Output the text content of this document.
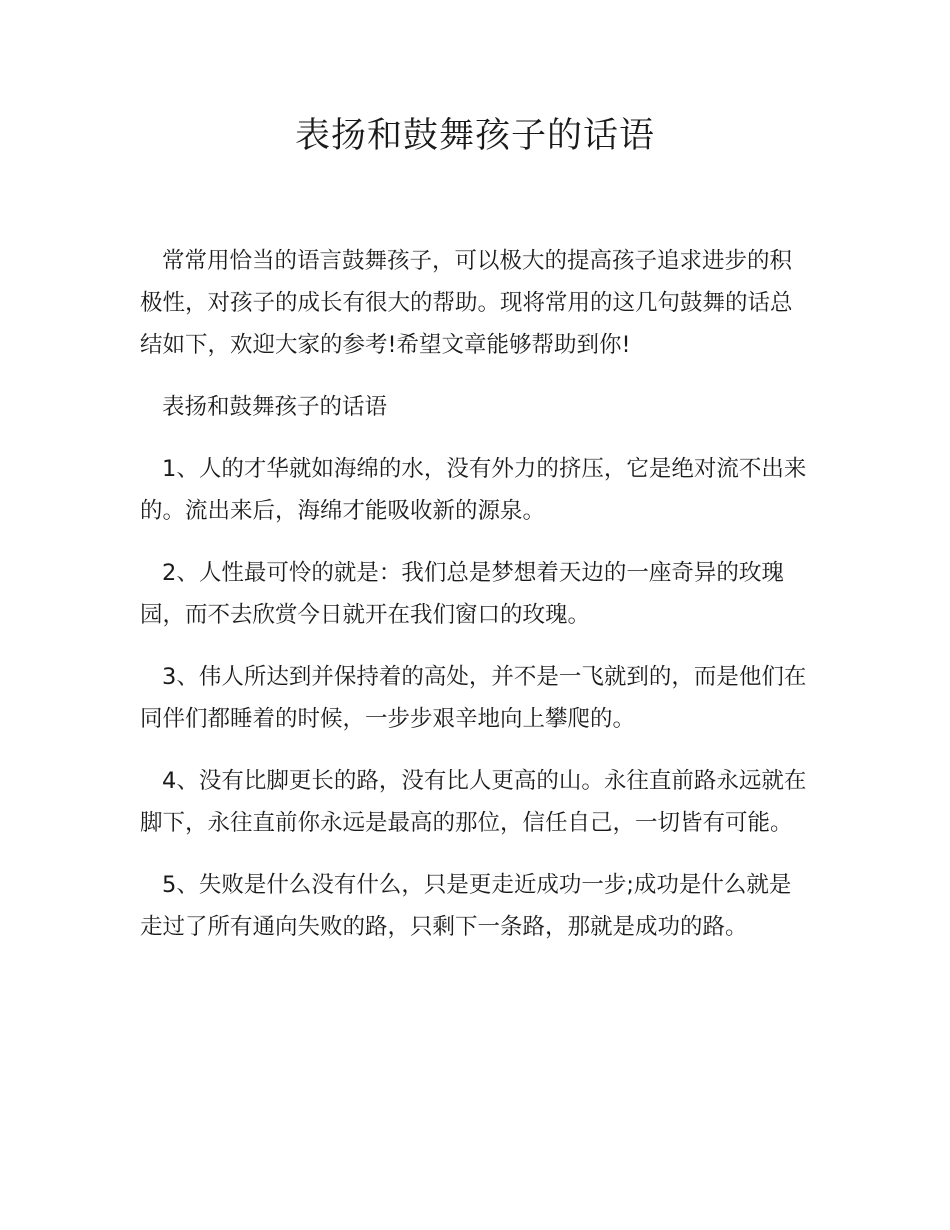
表扬和鼓舞孩子的话语

常常用恰当的语言鼓舞孩子，可以极大的提高孩子追求进步的积极性，对孩子的成长有很大的帮助。现将常用的这几句鼓舞的话总结如下，欢迎大家的参考!希望文章能够帮助到你!

表扬和鼓舞孩子的话语

1、人的才华就如海绵的水，没有外力的挤压，它是绝对流不出来的。流出来后，海绵才能吸收新的源泉。

2、人性最可怜的就是：我们总是梦想着天边的一座奇异的玫瑰园，而不去欣赏今日就开在我们窗口的玫瑰。

3、伟人所达到并保持着的高处，并不是一飞就到的，而是他们在同伴们都睡着的时候，一步步艰辛地向上攀爬的。

4、没有比脚更长的路，没有比人更高的山。永往直前路永远就在脚下，永往直前你永远是最高的那位，信任自己，一切皆有可能。

5、失败是什么没有什么，只是更走近成功一步;成功是什么就是走过了所有通向失败的路，只剩下一条路，那就是成功的路。
